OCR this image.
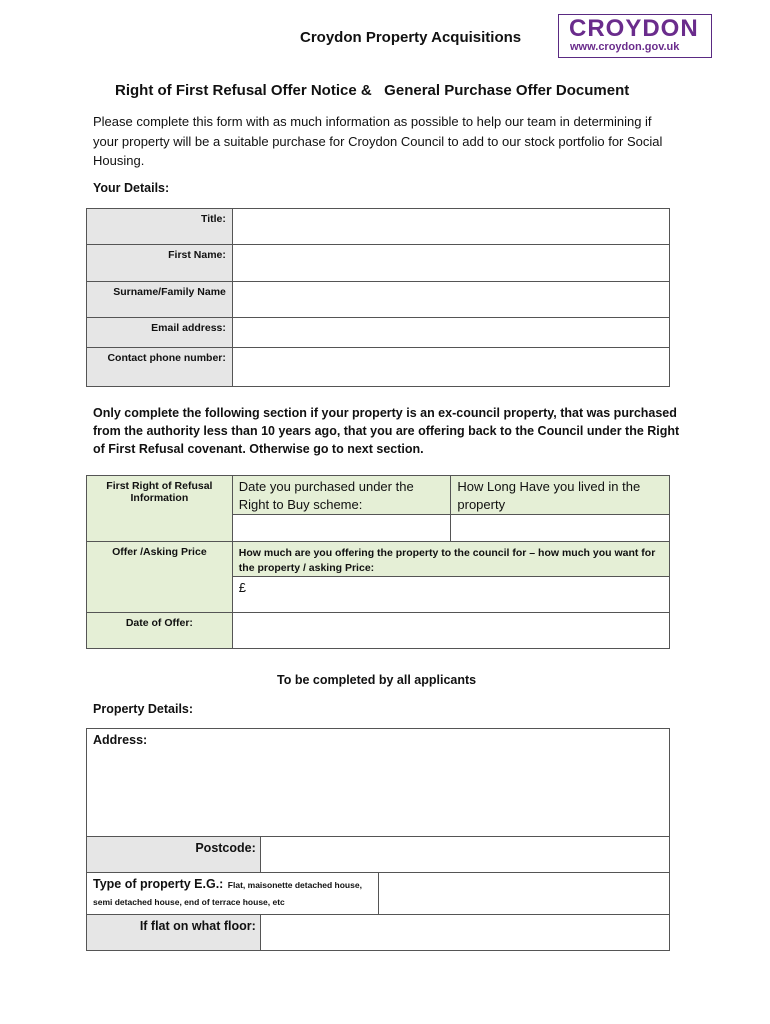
Croydon Property Acquisitions CROYDON
www.croydon.gov.uk
Right of First Refusal Offer Notice &   General Purchase Offer Document
Please complete this form with as much information as possible to help our team in determining if your property will be a suitable purchase for Croydon Council to add to our stock portfolio for Social Housing.
Your Details:
Title:	
First Name:	
Surname/Family Name	
Email address:	
Contact phone number:	
Only complete the following section if your property is an ex-council property, that was purchased from the authority less than 10 years ago, that you are offering back to the Council under the Right of First Refusal covenant. Otherwise go to next section.
First Right of Refusal Information	Date you purchased under the Right to Buy scheme:	How Long Have you lived in the property

Offer /Asking Price	How much are you offering the property to the council for – how much you want for the property / asking Price:	
	£	
Date of Offer:		
To be completed by all applicants
Property Details:
Address:		
Postcode:		
Type of property E.G.: Flat, maisonette detached house, semi detached house, end of terrace house, etc		
If flat on what floor:		
